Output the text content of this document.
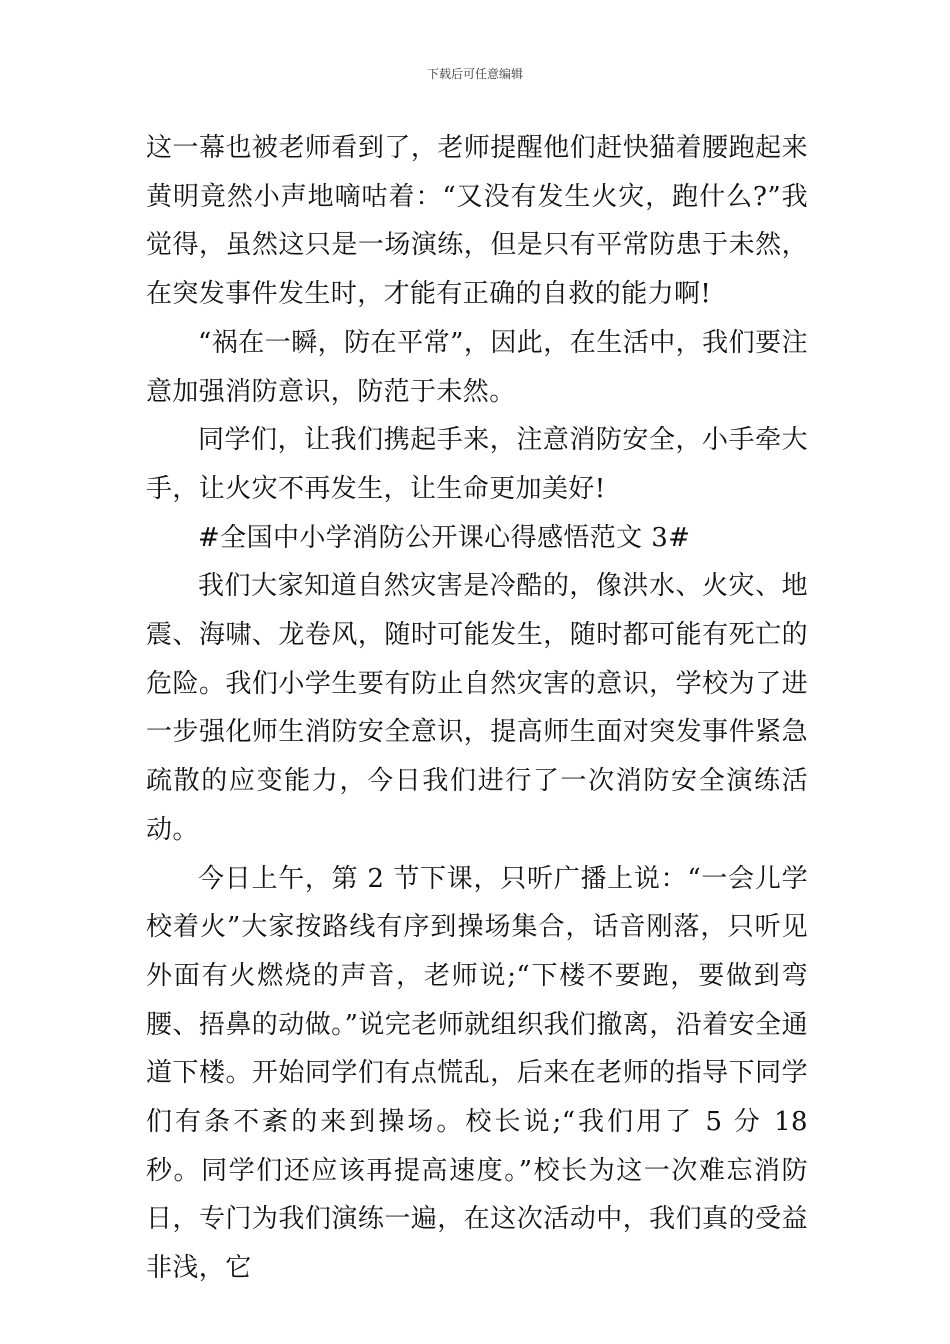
下载后可任意编辑

这一幕也被老师看到了，老师提醒他们赶快猫着腰跑起来黄明竟然小声地嘀咕着：“又没有发生火灾，跑什么?”我觉得，虽然这只是一场演练，但是只有平常防患于未然，在突发事件发生时，才能有正确的自救的能力啊!

“祸在一瞬，防在平常”，因此，在生活中，我们要注意加强消防意识，防范于未然。

同学们，让我们携起手来，注意消防安全，小手牵大手，让火灾不再发生，让生命更加美好!

#全国中小学消防公开课心得感悟范文 3#

我们大家知道自然灾害是冷酷的，像洪水、火灾、地震、海啸、龙卷风，随时可能发生，随时都可能有死亡的危险。我们小学生要有防止自然灾害的意识，学校为了进一步强化师生消防安全意识，提高师生面对突发事件紧急疏散的应变能力，今日我们进行了一次消防安全演练活动。

今日上午，第 2 节下课，只听广播上说：“一会儿学校着火”大家按路线有序到操场集合，话音刚落，只听见外面有火燃烧的声音，老师说;“下楼不要跑，要做到弯腰、捂鼻的动做。”说完老师就组织我们撤离，沿着安全通道下楼。开始同学们有点慌乱，后来在老师的指导下同学们有条不紊的来到操场。校长说;“我们用了 5 分 18 秒。同学们还应该再提高速度。”校长为这一次难忘消防日，专门为我们演练一遍，在这次活动中，我们真的受益非浅，它
